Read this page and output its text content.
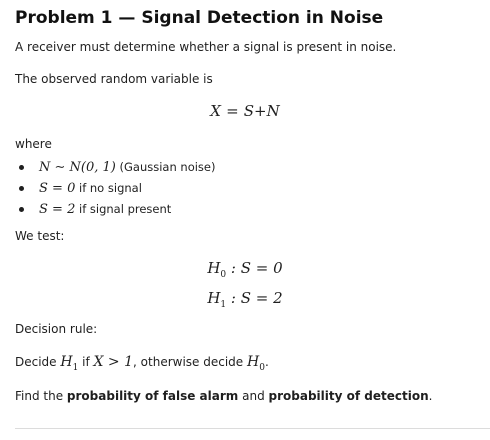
Problem 1 — Signal Detection in Noise
A receiver must determine whether a signal is present in noise.
The observed random variable is
X = S+N
where
N ∼ N(0, 1) (Gaussian noise)
S = 0 if no signal
S = 2 if signal present
We test:
$H_0$ : S = 0
$H_1$ : S = 2
Decision rule:
Decide $H_1$ if X > 1, otherwise decide $H_0$.
Find the probability of false alarm and probability of detection.
